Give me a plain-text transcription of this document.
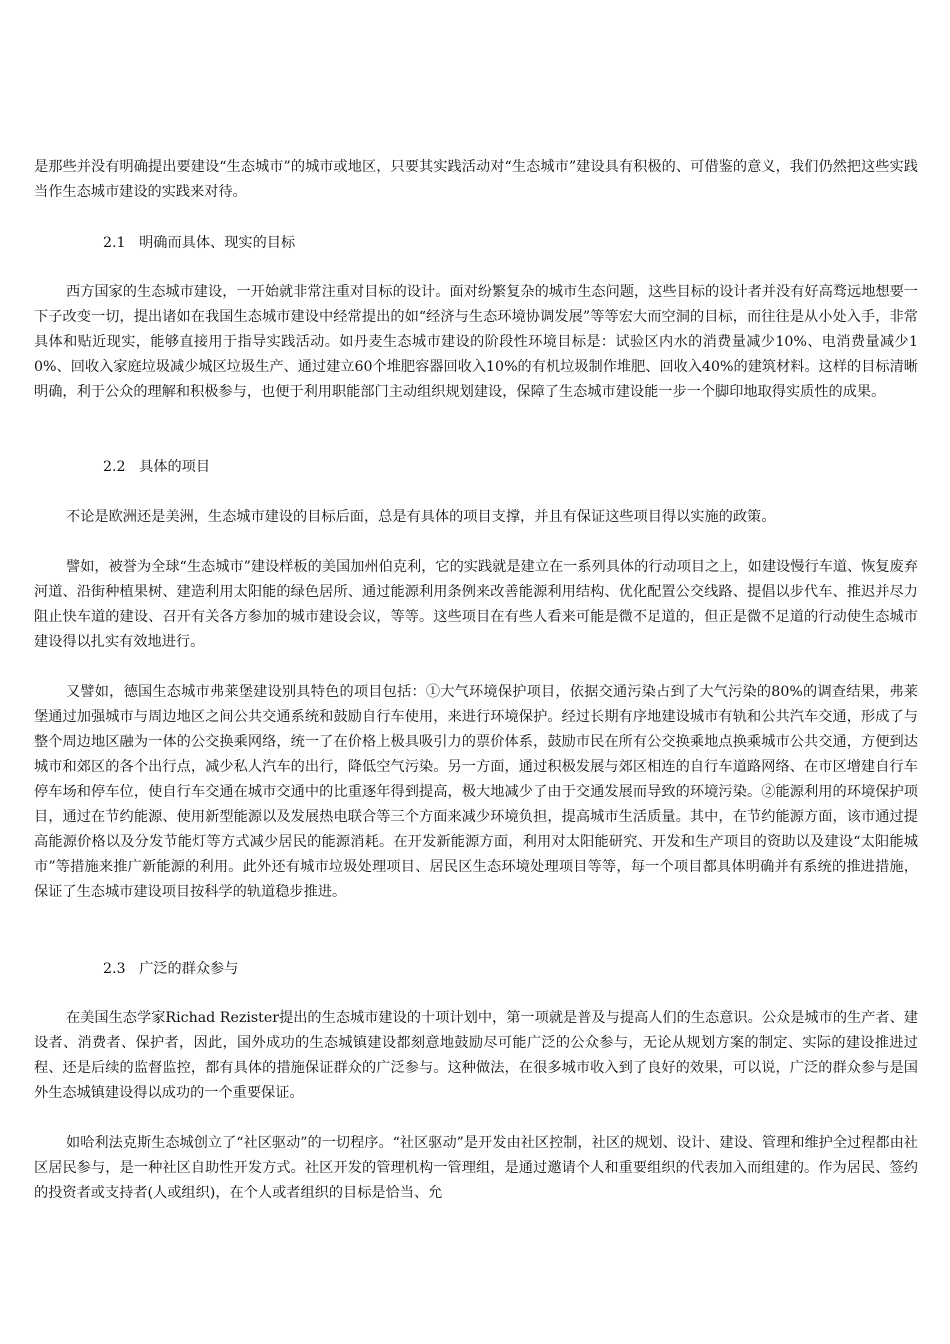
是那些并没有明确提出要建设“生态城市”的城市或地区，只要其实践活动对“生态城市”建设具有积极的、可借鉴的意义，我们仍然把这些实践当作生态城市建设的实践来对待。

2.1   明确而具体、现实的目标

西方国家的生态城市建设，一开始就非常注重对目标的设计。面对纷繁复杂的城市生态问题，这些目标的设计者并没有好高骛远地想要一下子改变一切，提出诸如在我国生态城市建设中经常提出的如“经济与生态环境协调发展”等等宏大而空洞的目标，而往往是从小处入手，非常具体和贴近现实，能够直接用于指导实践活动。如丹麦生态城市建设的阶段性环境目标是：试验区内水的消费量减少10%、电消费量减少10%、回收入家庭垃圾减少城区垃圾生产、通过建立60个堆肥容器回收入10%的有机垃圾制作堆肥、回收入40%的建筑材料。这样的目标清晰明确，利于公众的理解和积极参与，也便于利用职能部门主动组织规划建设，保障了生态城市建设能一步一个脚印地取得实质性的成果。

2.2   具体的项目

不论是欧洲还是美洲，生态城市建设的目标后面，总是有具体的项目支撑，并且有保证这些项目得以实施的政策。

譬如，被誉为全球“生态城市”建设样板的美国加州伯克利，它的实践就是建立在一系列具体的行动项目之上，如建设慢行车道、恢复废弃河道、沿街种植果树、建造利用太阳能的绿色居所、通过能源利用条例来改善能源利用结构、优化配置公交线路、提倡以步代车、推迟并尽力阻止快车道的建设、召开有关各方参加的城市建设会议，等等。这些项目在有些人看来可能是微不足道的，但正是微不足道的行动使生态城市建设得以扎实有效地进行。

又譬如，德国生态城市弗莱堡建设别具特色的项目包括：①大气环境保护项目，依据交通污染占到了大气污染的80%的调查结果，弗莱堡通过加强城市与周边地区之间公共交通系统和鼓励自行车使用，来进行环境保护。经过长期有序地建设城市有轨和公共汽车交通，形成了与整个周边地区融为一体的公交换乘网络，统一了在价格上极具吸引力的票价体系，鼓励市民在所有公交换乘地点换乘城市公共交通，方便到达城市和郊区的各个出行点，减少私人汽车的出行，降低空气污染。另一方面，通过积极发展与郊区相连的自行车道路网络、在市区增建自行车停车场和停车位，使自行车交通在城市交通中的比重逐年得到提高，极大地减少了由于交通发展而导致的环境污染。②能源利用的环境保护项目，通过在节约能源、使用新型能源以及发展热电联合等三个方面来减少环境负担，提高城市生活质量。其中，在节约能源方面，该市通过提高能源价格以及分发节能灯等方式减少居民的能源消耗。在开发新能源方面，利用对太阳能研究、开发和生产项目的资助以及建设“太阳能城市”等措施来推广新能源的利用。此外还有城市垃圾处理项目、居民区生态环境处理项目等等，每一个项目都具体明确并有系统的推进措施，保证了生态城市建设项目按科学的轨道稳步推进。

2.3   广泛的群众参与

在美国生态学家Richad Rezister提出的生态城市建设的十项计划中，第一项就是普及与提高人们的生态意识。公众是城市的生产者、建设者、消费者、保护者，因此，国外成功的生态城镇建设都刻意地鼓励尽可能广泛的公众参与，无论从规划方案的制定、实际的建设推进过程、还是后续的监督监控，都有具体的措施保证群众的广泛参与。这种做法，在很多城市收入到了良好的效果，可以说，广泛的群众参与是国外生态城镇建设得以成功的一个重要保证。

如哈利法克斯生态城创立了“社区驱动”的一切程序。“社区驱动”是开发由社区控制，社区的规划、设计、建设、管理和维护全过程都由社区居民参与，是一种社区自助性开发方式。社区开发的管理机构一管理组，是通过邀请个人和重要组织的代表加入而组建的。作为居民、签约的投资者或支持者(人或组织)，在个人或者组织的目标是恰当、允
